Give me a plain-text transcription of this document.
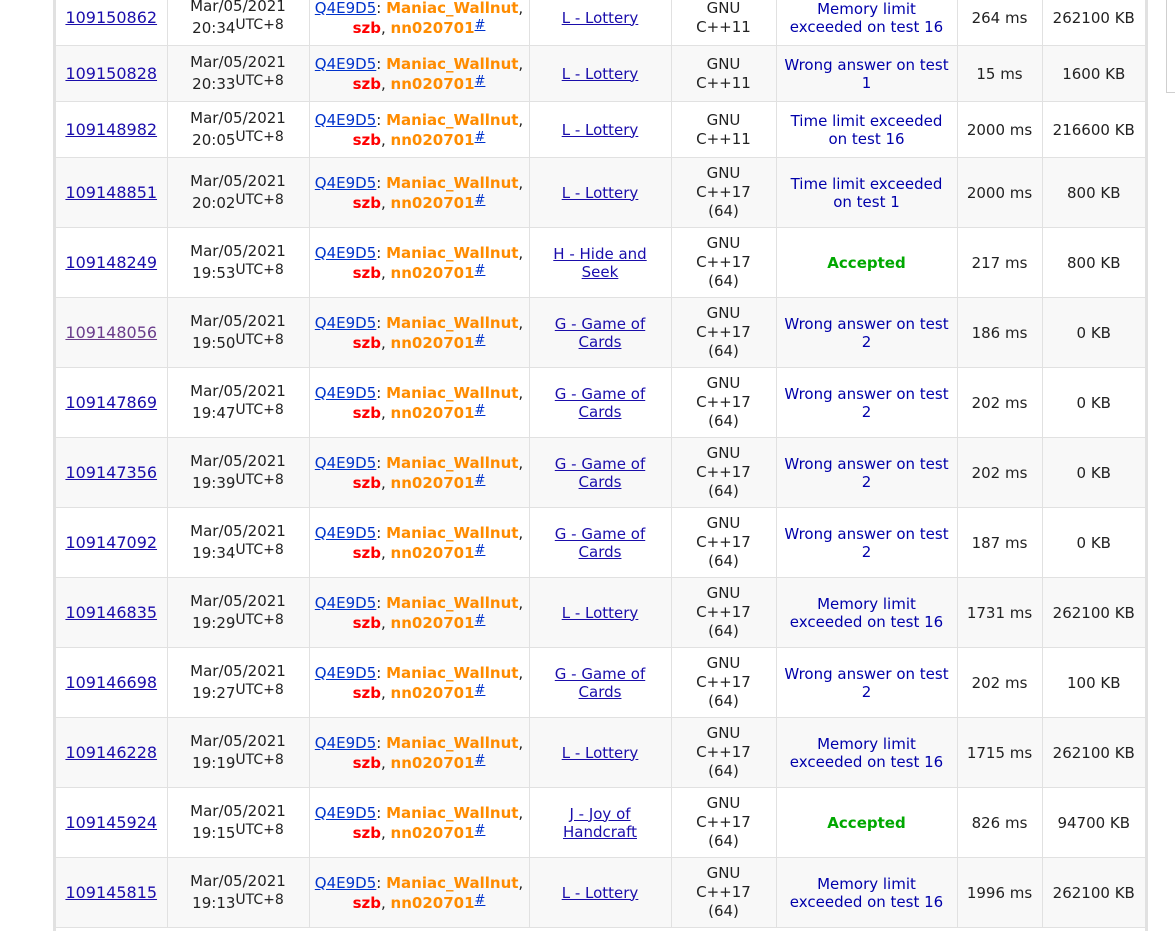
109150862	Mar/05/2021
20:34UTC+8	Q4E9D5: Maniac_Wallnut,
szb, nn020701#	L - Lottery	GNU
C++11	Memory limit
exceeded on test 16	264 ms	262100 KB
109150828	Mar/05/2021
20:33UTC+8	Q4E9D5: Maniac_Wallnut,
szb, nn020701#	L - Lottery	GNU
C++11	Wrong answer on test
1	15 ms	1600 KB
109148982	Mar/05/2021
20:05UTC+8	Q4E9D5: Maniac_Wallnut,
szb, nn020701#	L - Lottery	GNU
C++11	Time limit exceeded
on test 16	2000 ms	216600 KB
109148851	Mar/05/2021
20:02UTC+8	Q4E9D5: Maniac_Wallnut,
szb, nn020701#	L - Lottery	GNU
C++17
(64)	Time limit exceeded
on test 1	2000 ms	800 KB
109148249	Mar/05/2021
19:53UTC+8	Q4E9D5: Maniac_Wallnut,
szb, nn020701#	H - Hide and
Seek	GNU
C++17
(64)	Accepted	217 ms	800 KB
109148056	Mar/05/2021
19:50UTC+8	Q4E9D5: Maniac_Wallnut,
szb, nn020701#	G - Game of
Cards	GNU
C++17
(64)	Wrong answer on test
2	186 ms	0 KB
109147869	Mar/05/2021
19:47UTC+8	Q4E9D5: Maniac_Wallnut,
szb, nn020701#	G - Game of
Cards	GNU
C++17
(64)	Wrong answer on test
2	202 ms	0 KB
109147356	Mar/05/2021
19:39UTC+8	Q4E9D5: Maniac_Wallnut,
szb, nn020701#	G - Game of
Cards	GNU
C++17
(64)	Wrong answer on test
2	202 ms	0 KB
109147092	Mar/05/2021
19:34UTC+8	Q4E9D5: Maniac_Wallnut,
szb, nn020701#	G - Game of
Cards	GNU
C++17
(64)	Wrong answer on test
2	187 ms	0 KB
109146835	Mar/05/2021
19:29UTC+8	Q4E9D5: Maniac_Wallnut,
szb, nn020701#	L - Lottery	GNU
C++17
(64)	Memory limit
exceeded on test 16	1731 ms	262100 KB
109146698	Mar/05/2021
19:27UTC+8	Q4E9D5: Maniac_Wallnut,
szb, nn020701#	G - Game of
Cards	GNU
C++17
(64)	Wrong answer on test
2	202 ms	100 KB
109146228	Mar/05/2021
19:19UTC+8	Q4E9D5: Maniac_Wallnut,
szb, nn020701#	L - Lottery	GNU
C++17
(64)	Memory limit
exceeded on test 16	1715 ms	262100 KB
109145924	Mar/05/2021
19:15UTC+8	Q4E9D5: Maniac_Wallnut,
szb, nn020701#	J - Joy of
Handcraft	GNU
C++17
(64)	Accepted	826 ms	94700 KB
109145815	Mar/05/2021
19:13UTC+8	Q4E9D5: Maniac_Wallnut,
szb, nn020701#	L - Lottery	GNU
C++17
(64)	Memory limit
exceeded on test 16	1996 ms	262100 KB
